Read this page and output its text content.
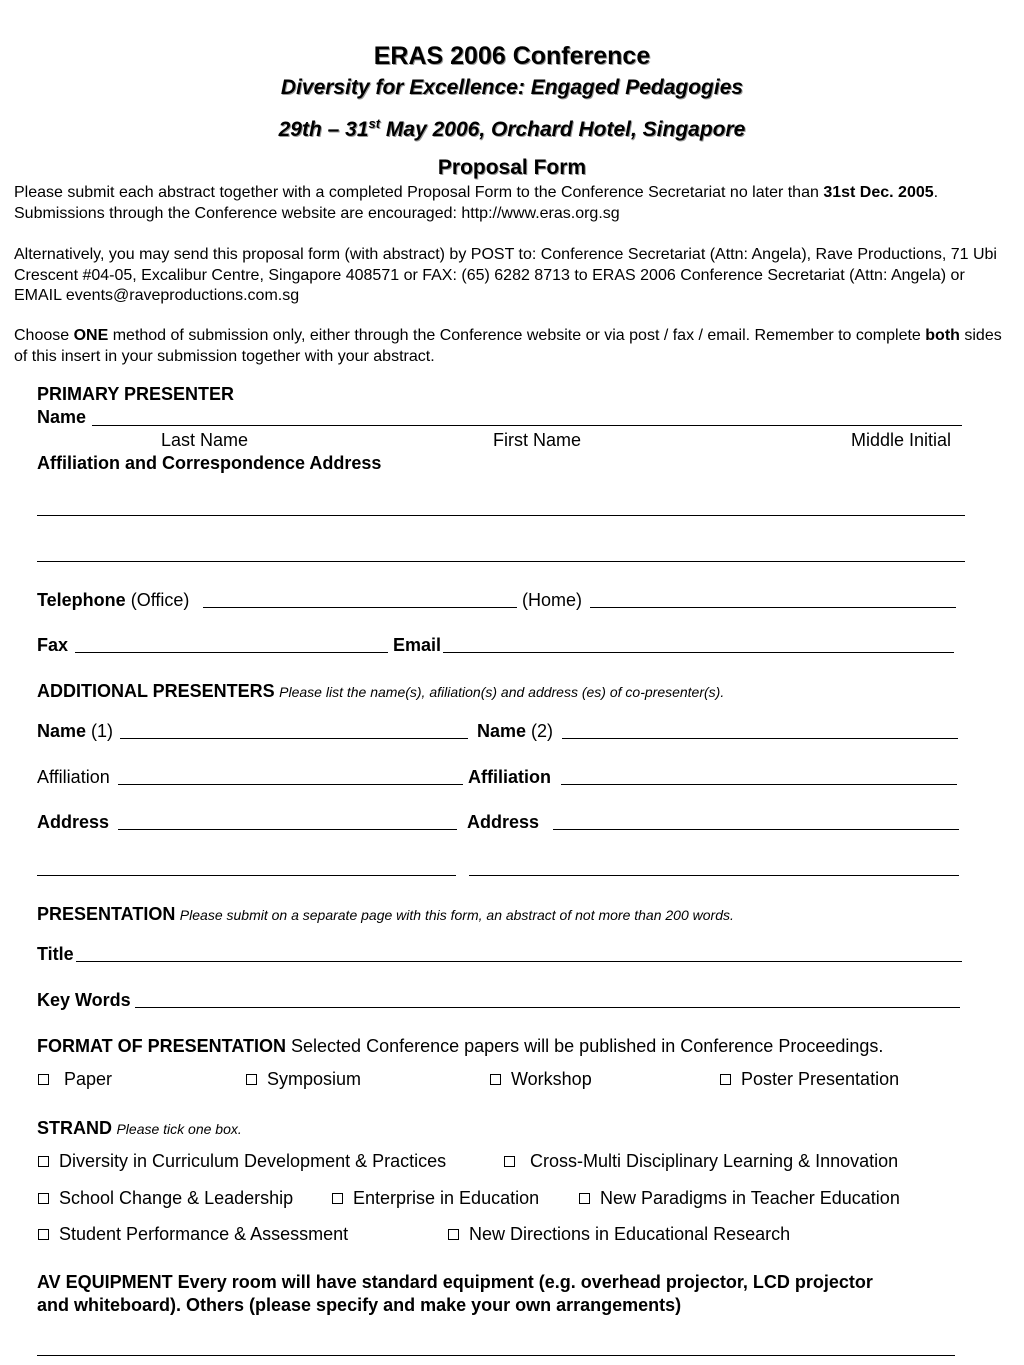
ERAS 2006 Conference
Diversity for Excellence: Engaged Pedagogies
29th – 31st May 2006, Orchard Hotel, Singapore
Proposal Form
Please submit each abstract together with a completed Proposal Form to the Conference Secretariat no later than 31st Dec. 2005. Submissions through the Conference website are encouraged: http://www.eras.org.sg
Alternatively, you may send this proposal form (with abstract) by POST to: Conference Secretariat (Attn: Angela), Rave Productions, 71 Ubi Crescent #04-05, Excalibur Centre, Singapore 408571 or FAX: (65) 6282 8713 to ERAS 2006 Conference Secretariat (Attn: Angela) or EMAIL events@raveproductions.com.sg
Choose ONE method of submission only, either through the Conference website or via post / fax / email. Remember to complete both sides of this insert in your submission together with your abstract.
PRIMARY PRESENTER
Name
Last Name	First Name	Middle Initial
Affiliation and Correspondence Address
Telephone (Office)	(Home)
Fax	Email
ADDITIONAL PRESENTERS Please list the name(s), afiliation(s) and address (es) of co-presenter(s).
Name (1)	Name (2)
Affiliation	Affiliation
Address	Address
PRESENTATION Please submit on a separate page with this form, an abstract of not more than 200 words.
Title
Key Words
FORMAT OF PRESENTATION Selected Conference papers will be published in Conference Proceedings.
Paper	Symposium	Workshop	Poster Presentation
STRAND Please tick one box.
Diversity in Curriculum Development & Practices	Cross-Multi Disciplinary Learning & Innovation
School Change & Leadership	Enterprise in Education	New Paradigms in Teacher Education
Student Performance & Assessment	New Directions in Educational Research
AV EQUIPMENT Every room will have standard equipment (e.g. overhead projector, LCD projector
and whiteboard). Others (please specify and make your own arrangements)
